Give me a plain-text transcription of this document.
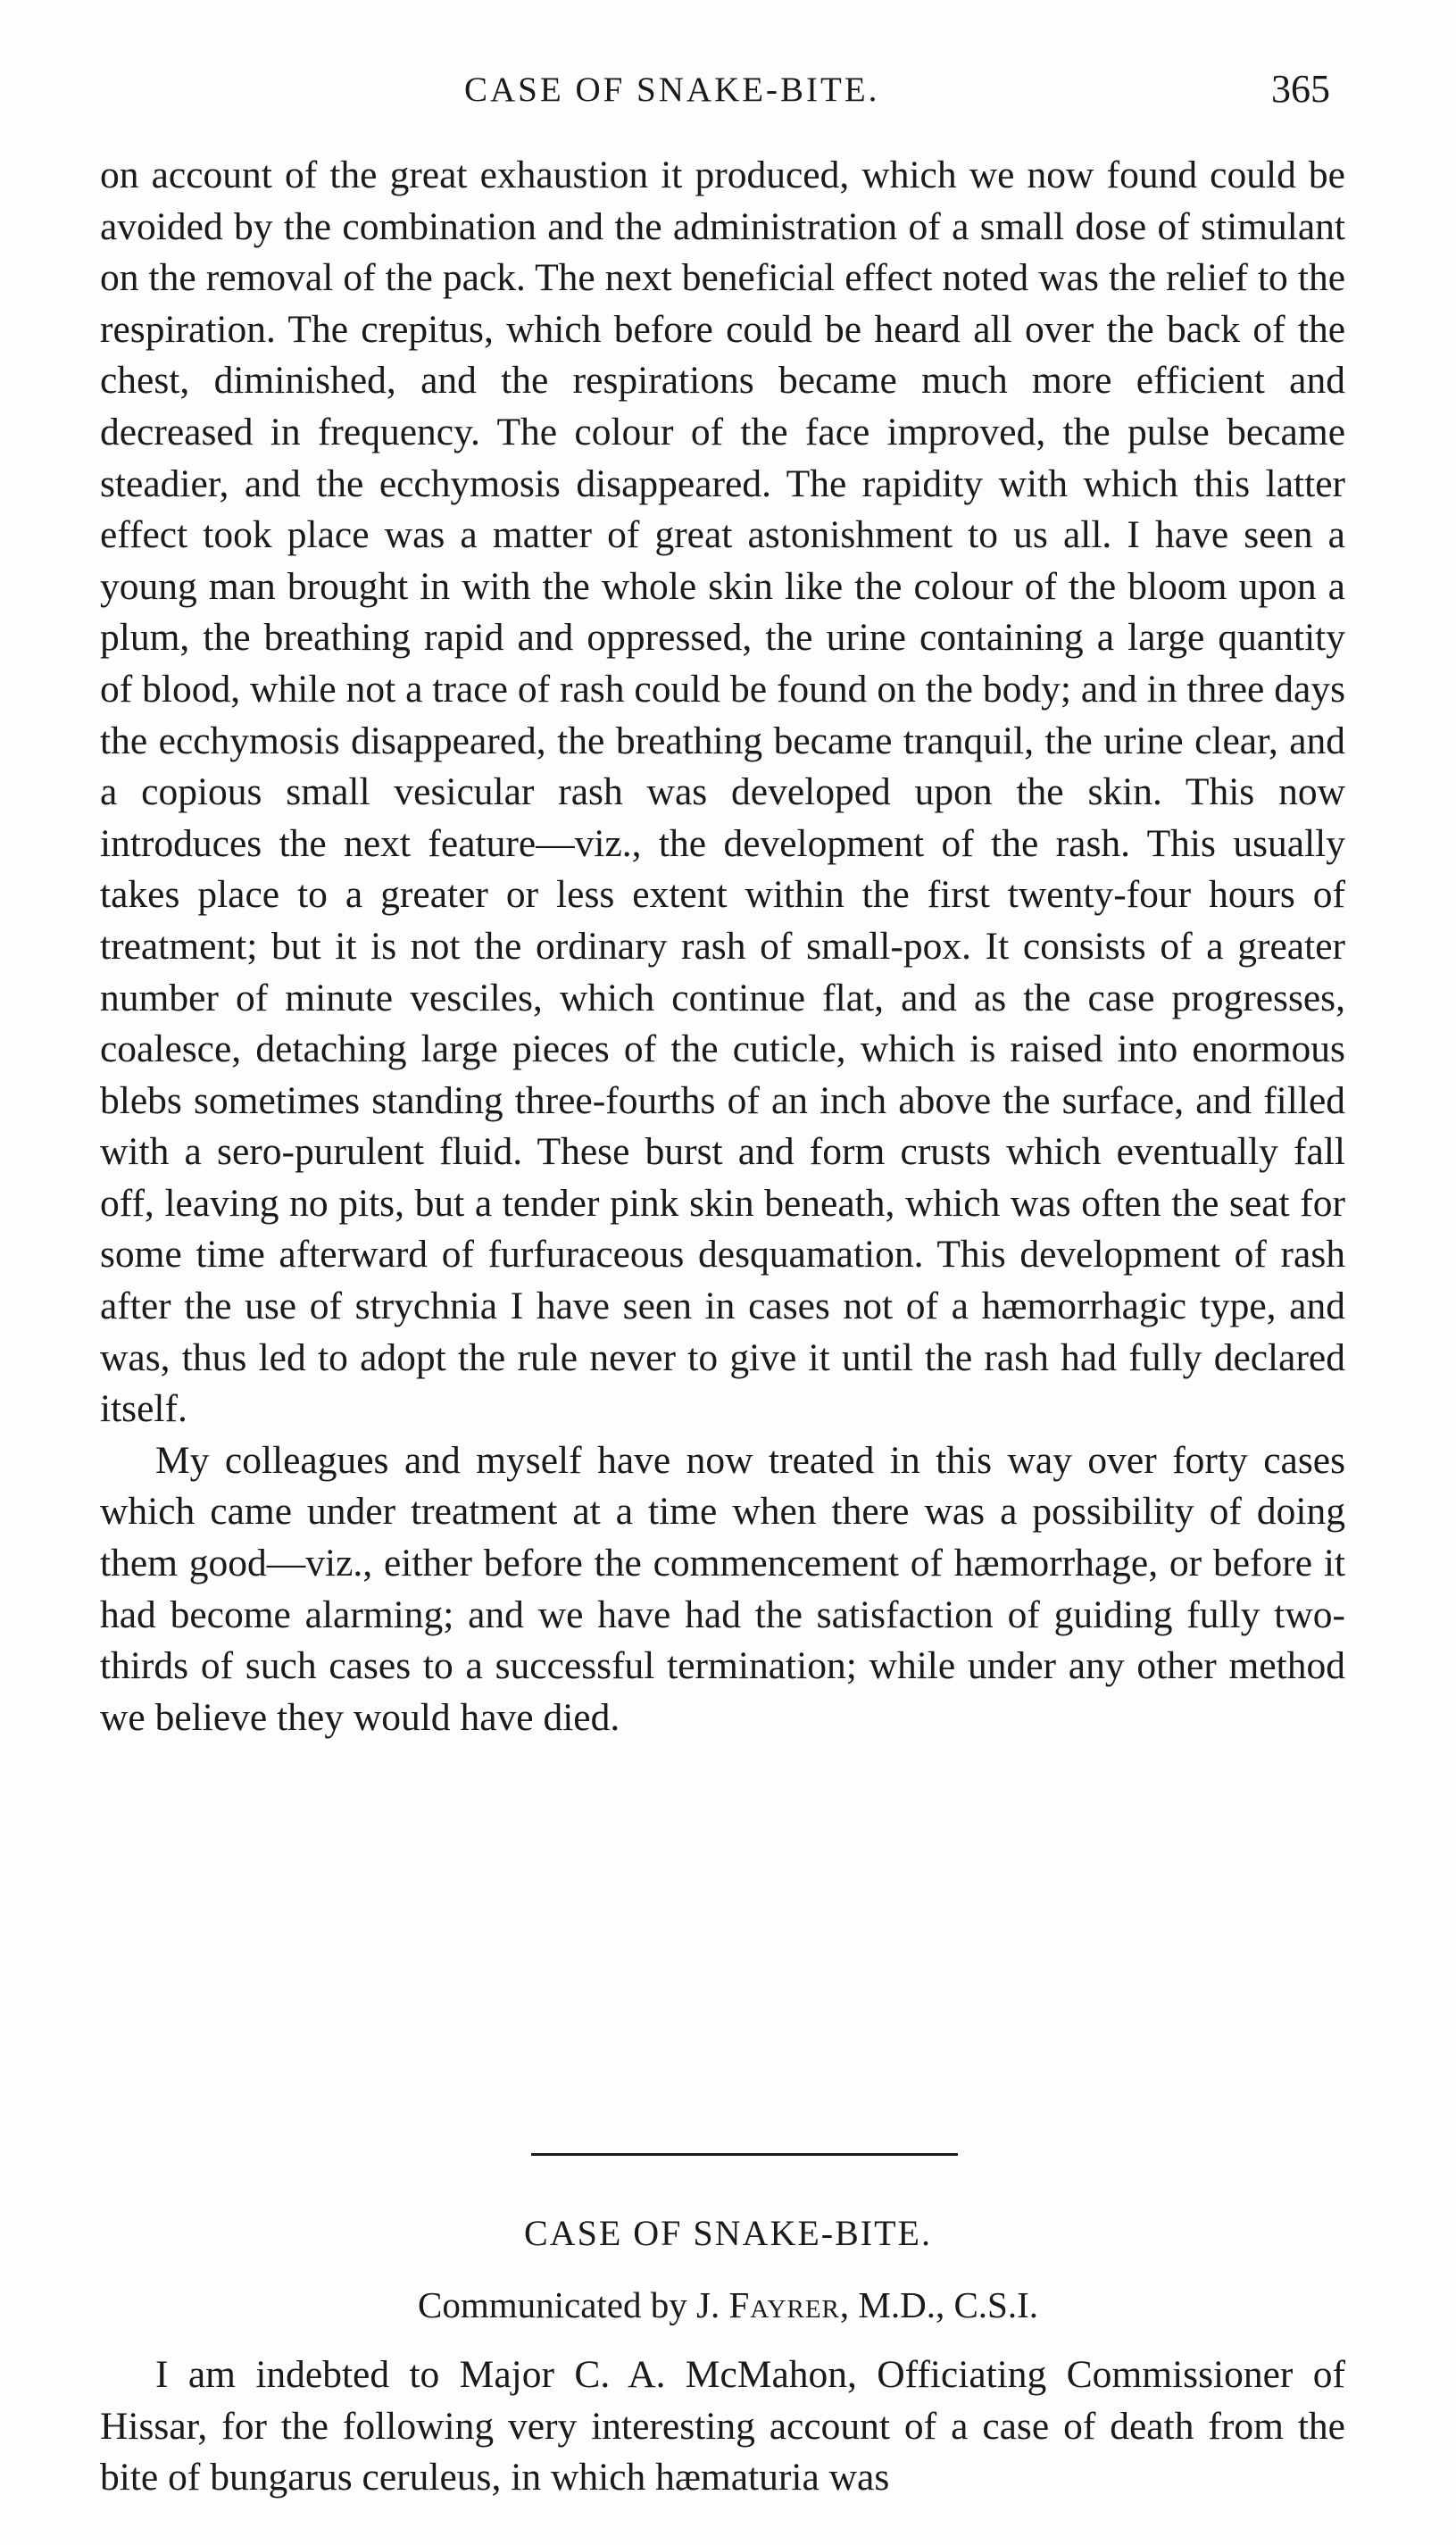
CASE OF SNAKE-BITE.	365

on account of the great exhaustion it produced, which we now found could be avoided by the combination and the administration of a small dose of stimulant on the removal of the pack. The next beneficial effect noted was the relief to the respiration. The crepitus, which before could be heard all over the back of the chest, diminished, and the respirations became much more efficient and decreased in frequency. The colour of the face improved, the pulse became steadier, and the ecchymosis disappeared. The rapidity with which this latter effect took place was a matter of great astonishment to us all. I have seen a young man brought in with the whole skin like the colour of the bloom upon a plum, the breathing rapid and oppressed, the urine containing a large quantity of blood, while not a trace of rash could be found on the body; and in three days the ecchymosis disappeared, the breathing became tranquil, the urine clear, and a copious small vesicular rash was developed upon the skin. This now introduces the next feature—viz., the development of the rash. This usually takes place to a greater or less extent within the first twenty-four hours of treatment; but it is not the ordinary rash of small-pox. It consists of a greater number of minute vesciles, which continue flat, and as the case progresses, coalesce, detaching large pieces of the cuticle, which is raised into enormous blebs sometimes standing three-fourths of an inch above the surface, and filled with a sero-purulent fluid. These burst and form crusts which eventually fall off, leaving no pits, but a tender pink skin beneath, which was often the seat for some time afterward of furfuraceous desquamation. This development of rash after the use of strychnia I have seen in cases not of a hæmorrhagic type, and was, thus led to adopt the rule never to give it until the rash had fully declared itself.

My colleagues and myself have now treated in this way over forty cases which came under treatment at a time when there was a possibility of doing them good—viz., either before the commencement of hæmorrhage, or before it had become alarming; and we have had the satisfaction of guiding fully two-thirds of such cases to a successful termination; while under any other method we believe they would have died.

CASE OF SNAKE-BITE.
Communicated by J. Fayrer, M.D., C.S.I.

I am indebted to Major C. A. McMahon, Officiating Commissioner of Hissar, for the following very interesting account of a case of death from the bite of bungarus ceruleus, in which hæmaturia was
